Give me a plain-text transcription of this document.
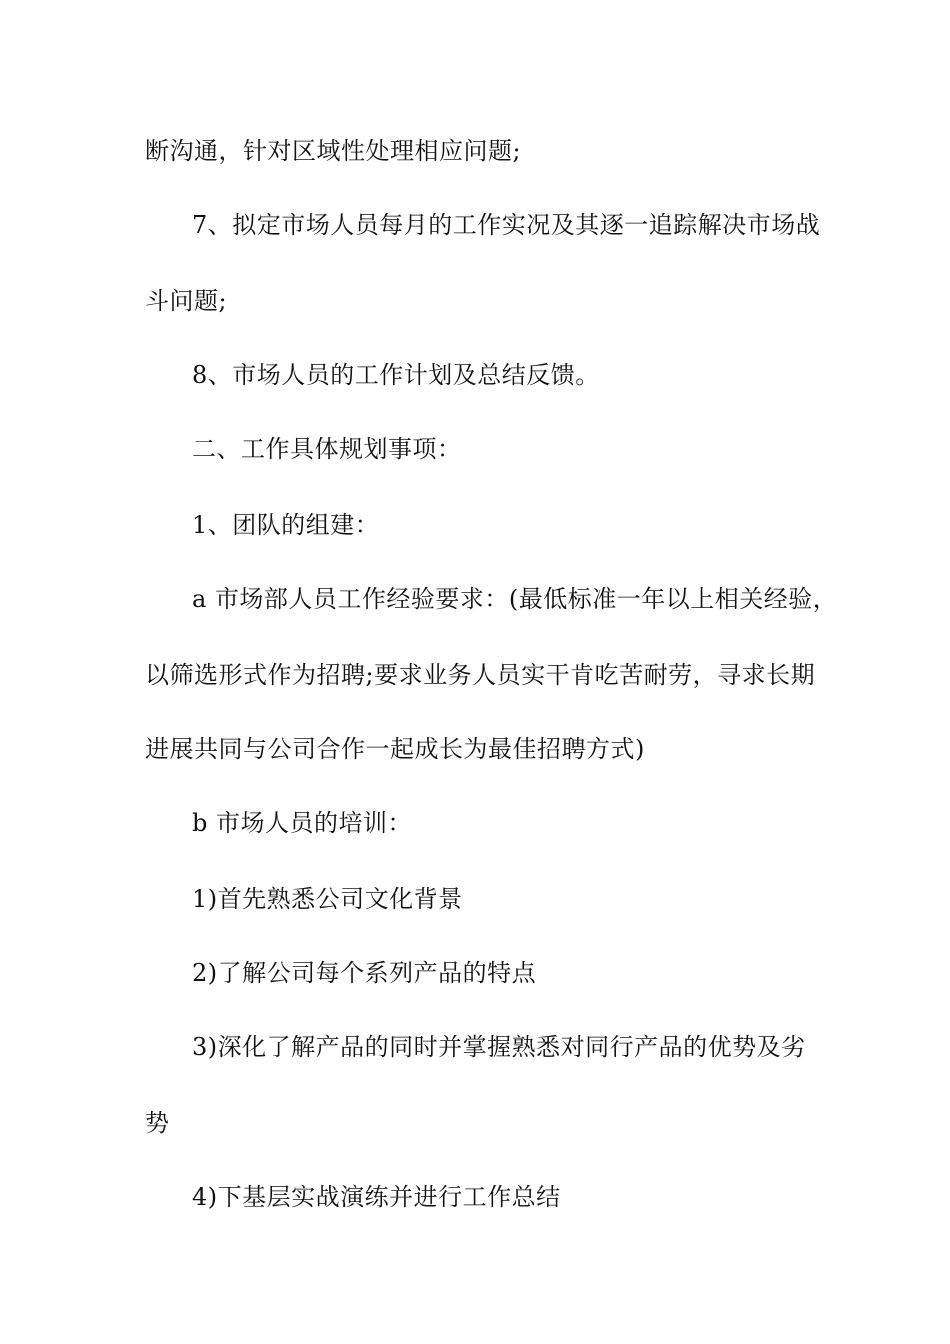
断沟通，针对区域性处理相应问题;
7、拟定市场人员每月的工作实况及其逐一追踪解决市场战
斗问题;
8、市场人员的工作计划及总结反馈。
二、工作具体规划事项：
1、团队的组建：
a 市场部人员工作经验要求：(最低标准一年以上相关经验，
以筛选形式作为招聘;要求业务人员实干肯吃苦耐劳，寻求长期
进展共同与公司合作一起成长为最佳招聘方式)
b 市场人员的培训：
1)首先熟悉公司文化背景
2)了解公司每个系列产品的特点
3)深化了解产品的同时并掌握熟悉对同行产品的优势及劣
势
4)下基层实战演练并进行工作总结
